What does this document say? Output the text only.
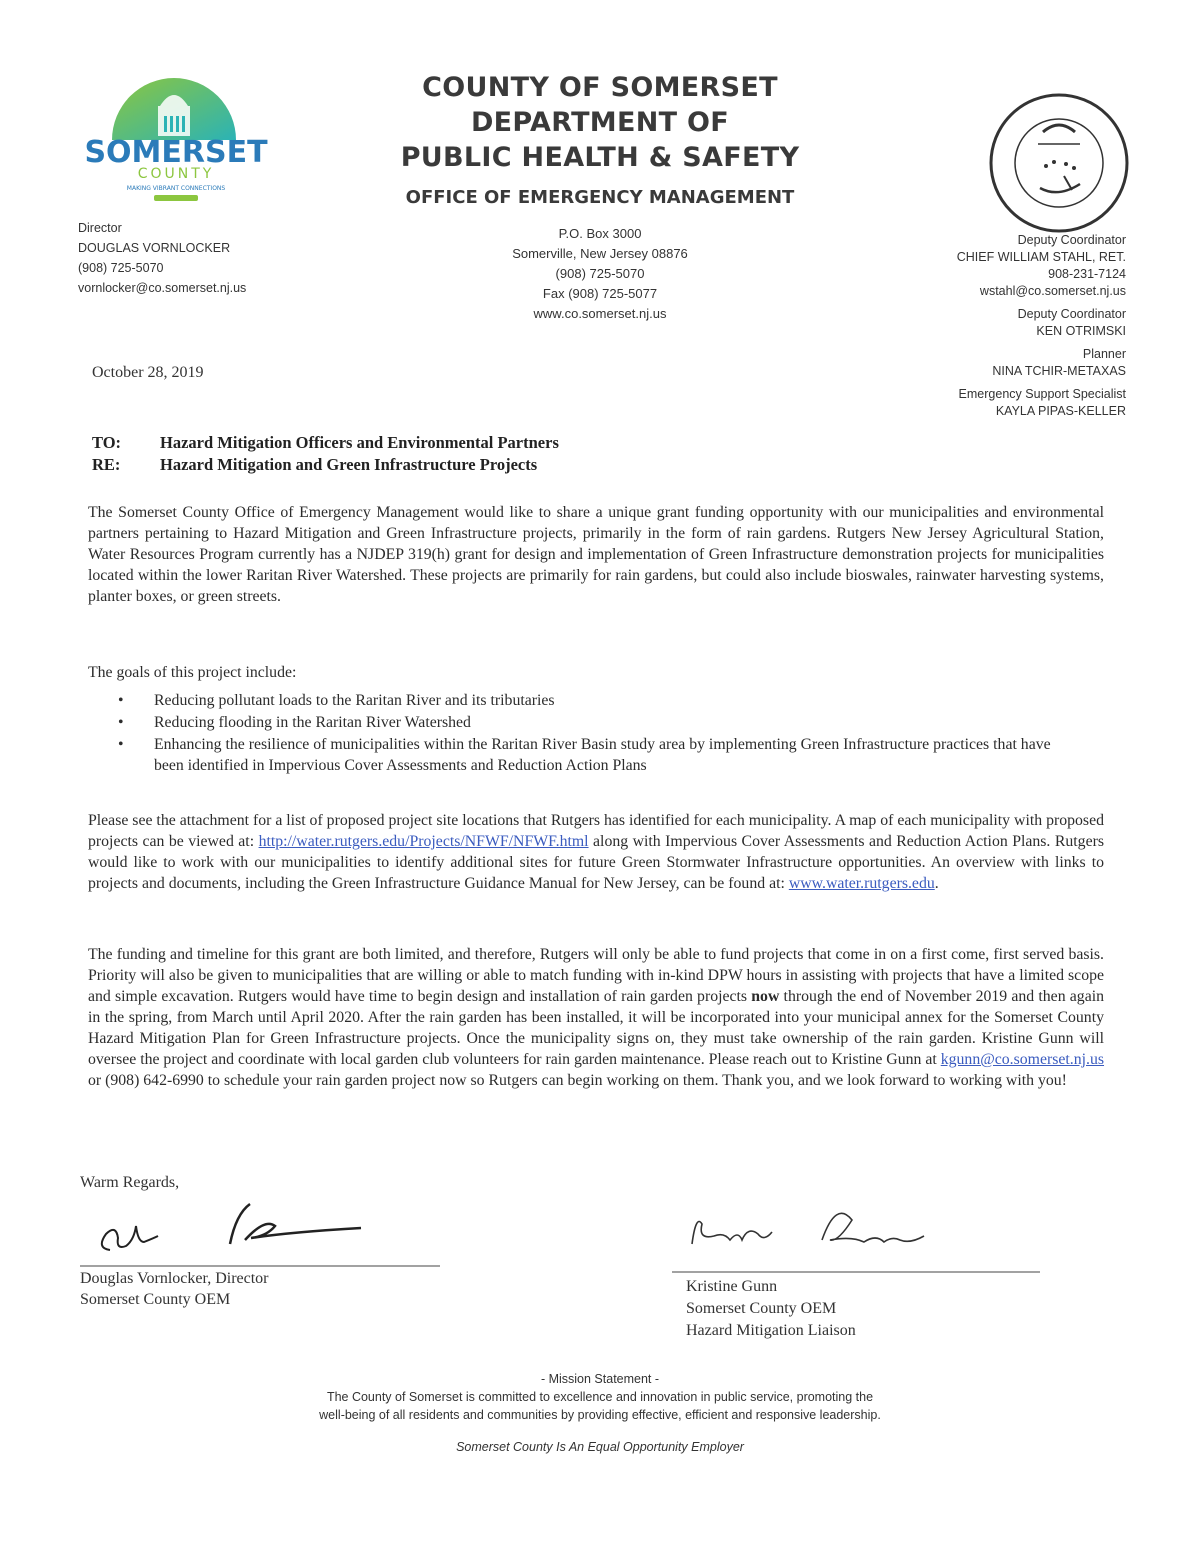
SOMERSET
COUNTY
MAKING VIBRANT CONNECTIONS
COUNTY OF SOMERSET
DEPARTMENT OF
PUBLIC HEALTH & SAFETY
OFFICE OF EMERGENCY MANAGEMENT
P.O. Box 3000
Somerville, New Jersey 08876
(908) 725-5070
Fax (908) 725-5077
www.co.somerset.nj.us
Director
DOUGLAS VORNLOCKER
(908) 725-5070
vornlocker@co.somerset.nj.us
Deputy Coordinator
CHIEF WILLIAM STAHL, RET.
908-231-7124
wstahl@co.somerset.nj.us
Deputy Coordinator
KEN OTRIMSKI
Planner
NINA TCHIR-METAXAS
Emergency Support Specialist
KAYLA PIPAS-KELLER
October 28, 2019
TO: Hazard Mitigation Officers and Environmental Partners
RE: Hazard Mitigation and Green Infrastructure Projects
The Somerset County Office of Emergency Management would like to share a unique grant funding opportunity with our municipalities and environmental partners pertaining to Hazard Mitigation and Green Infrastructure projects, primarily in the form of rain gardens. Rutgers New Jersey Agricultural Station, Water Resources Program currently has a NJDEP 319(h) grant for design and implementation of Green Infrastructure demonstration projects for municipalities located within the lower Raritan River Watershed. These projects are primarily for rain gardens, but could also include bioswales, rainwater harvesting systems, planter boxes, or green streets.
The goals of this project include:
• Reducing pollutant loads to the Raritan River and its tributaries
• Reducing flooding in the Raritan River Watershed
• Enhancing the resilience of municipalities within the Raritan River Basin study area by implementing Green Infrastructure practices that have been identified in Impervious Cover Assessments and Reduction Action Plans
Please see the attachment for a list of proposed project site locations that Rutgers has identified for each municipality. A map of each municipality with proposed projects can be viewed at: http://water.rutgers.edu/Projects/NFWF/NFWF.html along with Impervious Cover Assessments and Reduction Action Plans. Rutgers would like to work with our municipalities to identify additional sites for future Green Stormwater Infrastructure opportunities. An overview with links to projects and documents, including the Green Infrastructure Guidance Manual for New Jersey, can be found at: www.water.rutgers.edu.
The funding and timeline for this grant are both limited, and therefore, Rutgers will only be able to fund projects that come in on a first come, first served basis. Priority will also be given to municipalities that are willing or able to match funding with in-kind DPW hours in assisting with projects that have a limited scope and simple excavation. Rutgers would have time to begin design and installation of rain garden projects now through the end of November 2019 and then again in the spring, from March until April 2020. After the rain garden has been installed, it will be incorporated into your municipal annex for the Somerset County Hazard Mitigation Plan for Green Infrastructure projects. Once the municipality signs on, they must take ownership of the rain garden. Kristine Gunn will oversee the project and coordinate with local garden club volunteers for rain garden maintenance. Please reach out to Kristine Gunn at kgunn@co.somerset.nj.us or (908) 642-6990 to schedule your rain garden project now so Rutgers can begin working on them. Thank you, and we look forward to working with you!
Warm Regards,
Douglas Vornlocker, Director
Somerset County OEM
Kristine Gunn
Somerset County OEM
Hazard Mitigation Liaison
- Mission Statement -
The County of Somerset is committed to excellence and innovation in public service, promoting the
well-being of all residents and communities by providing effective, efficient and responsive leadership.
Somerset County Is An Equal Opportunity Employer
